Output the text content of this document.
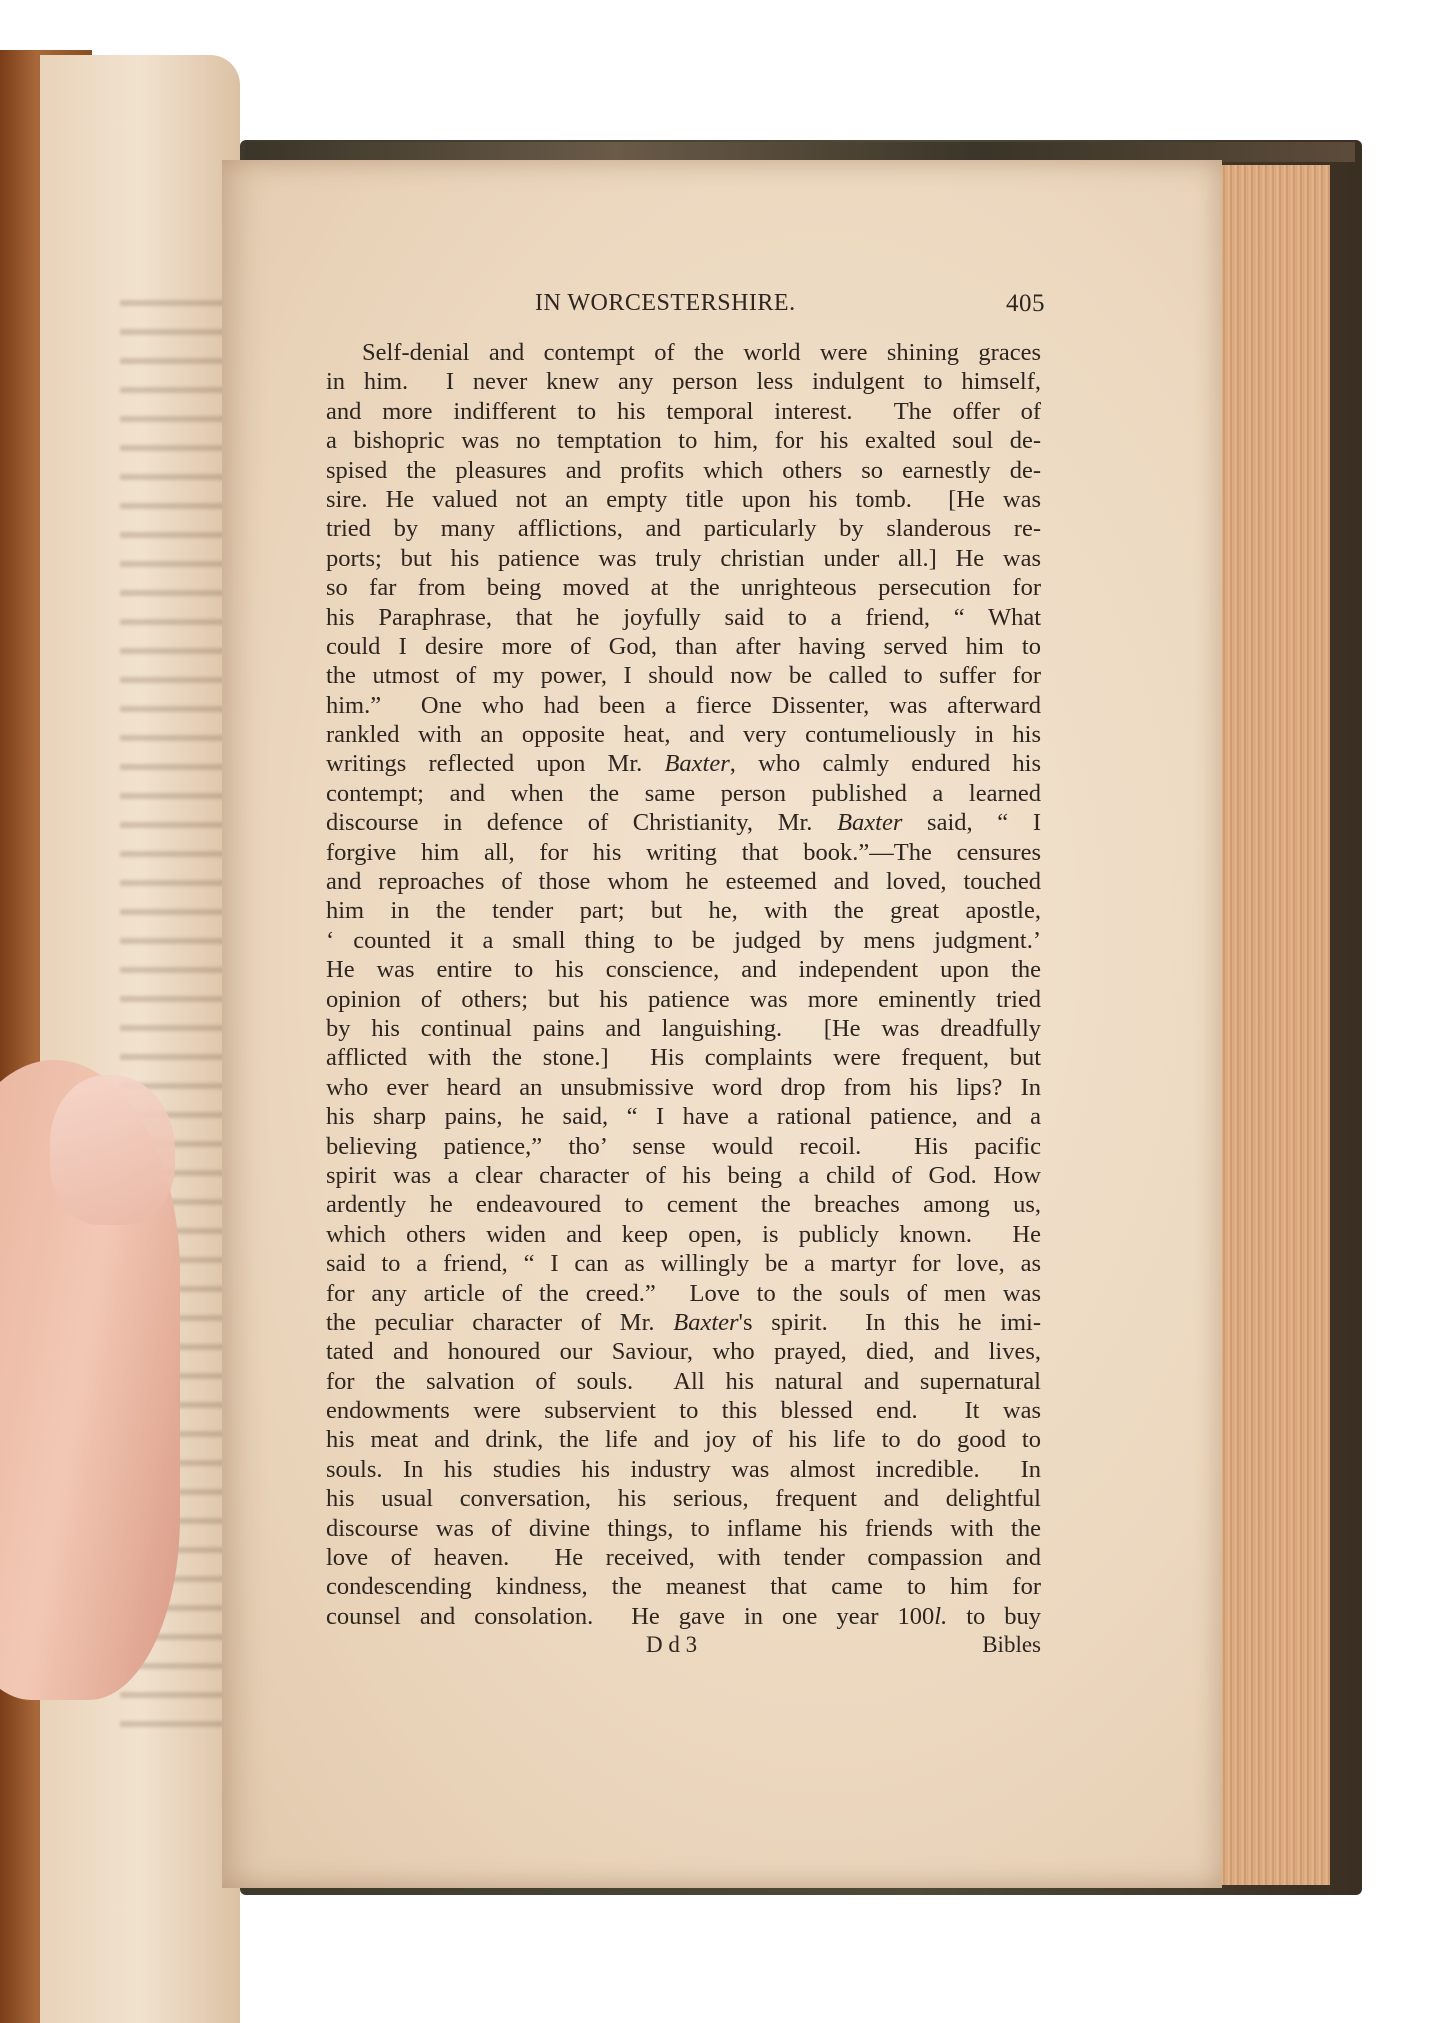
IN WORCESTERSHIRE.	405
Self-denial and contempt of the world were shining graces
in him.  I never knew any person less indulgent to himself,
and more indifferent to his temporal interest.  The offer of
a bishopric was no temptation to him, for his exalted soul de-
spised the pleasures and profits which others so earnestly de-
sire. He valued not an empty title upon his tomb.  [He was
tried by many afflictions, and particularly by slanderous re-
ports; but his patience was truly christian under all.] He was
so far from being moved at the unrighteous persecution for
his Paraphrase, that he joyfully said to a friend, “ What
could I desire more of God, than after having served him to
the utmost of my power, I should now be called to suffer for
him.”  One who had been a fierce Dissenter, was afterward
rankled with an opposite heat, and very contumeliously in his
writings reflected upon Mr. Baxter, who calmly endured his
contempt; and when the same person published a learned
discourse in defence of Christianity, Mr. Baxter said, “ I
forgive him all, for his writing that book.”—The censures
and reproaches of those whom he esteemed and loved, touched
him in the tender part; but he, with the great apostle,
‘ counted it a small thing to be judged by mens judgment.’
He was entire to his conscience, and independent upon the
opinion of others; but his patience was more eminently tried
by his continual pains and languishing.  [He was dreadfully
afflicted with the stone.]  His complaints were frequent, but
who ever heard an unsubmissive word drop from his lips? In
his sharp pains, he said, “ I have a rational patience, and a
believing patience,” tho’ sense would recoil.  His pacific
spirit was a clear character of his being a child of God. How
ardently he endeavoured to cement the breaches among us,
which others widen and keep open, is publicly known.  He
said to a friend, “ I can as willingly be a martyr for love, as
for any article of the creed.”  Love to the souls of men was
the peculiar character of Mr. Baxter's spirit.  In this he imi-
tated and honoured our Saviour, who prayed, died, and lives,
for the salvation of souls.  All his natural and supernatural
endowments were subservient to this blessed end.  It was
his meat and drink, the life and joy of his life to do good to
souls. In his studies his industry was almost incredible.  In
his usual conversation, his serious, frequent and delightful
discourse was of divine things, to inflame his friends with the
love of heaven.  He received, with tender compassion and
condescending kindness, the meanest that came to him for
counsel and consolation.  He gave in one year 100l. to buy
D d 3	Bibles
